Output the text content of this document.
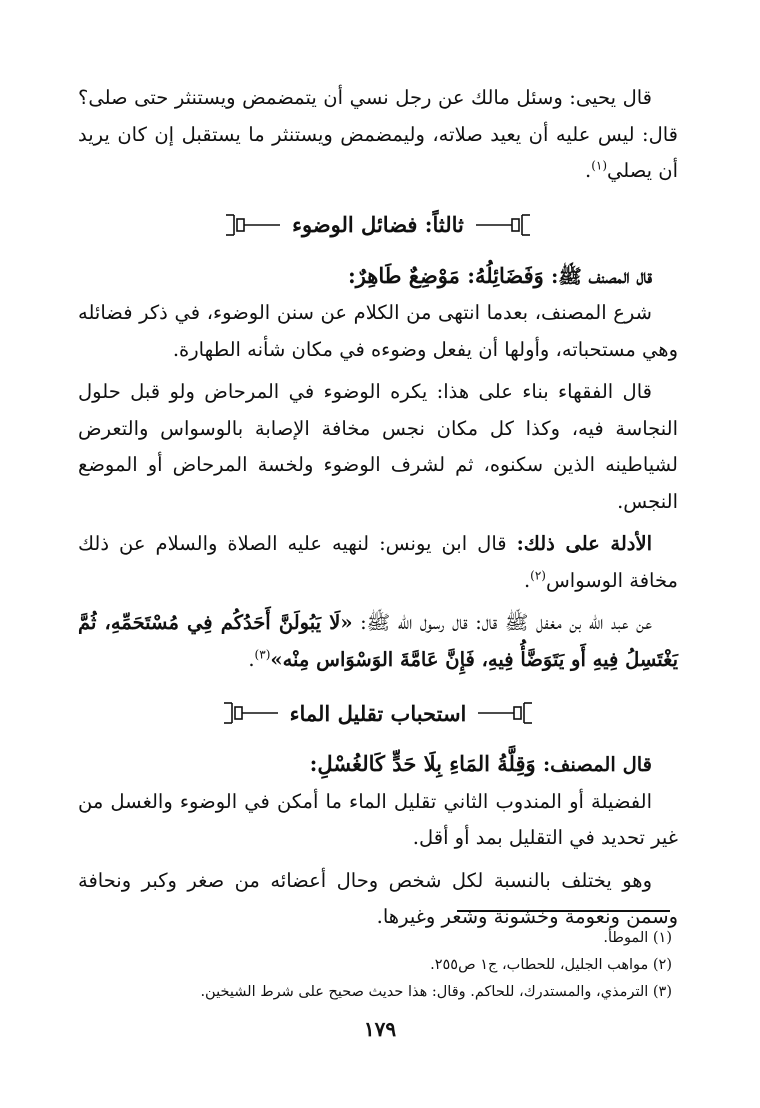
قال يحيى: وسئل مالك عن رجل نسي أن يتمضمض ويستنثر حتى صلى؟ قال: ليس عليه أن يعيد صلاته، وليمضمض ويستنثر ما يستقبل إن كان يريد أن يصلي$^{(١)}$.

ثالثاً: فضائل الوضوء

قال المصنف ﷺ: وَفَضَائِلُهُ: مَوْضِعٌ طَاهِرٌ:

شرع المصنف، بعدما انتهى من الكلام عن سنن الوضوء، في ذكر فضائله وهي مستحباته، وأولها أن يفعل وضوءه في مكان شأنه الطهارة.

قال الفقهاء بناء على هذا: يكره الوضوء في المرحاض ولو قبل حلول النجاسة فيه، وكذا كل مكان نجس مخافة الإصابة بالوسواس والتعرض لشياطينه الذين سكنوه، ثم لشرف الوضوء ولخسة المرحاض أو الموضع النجس.

الأدلة على ذلك: قال ابن يونس: لنهيه عليه الصلاة والسلام عن ذلك مخافة الوسواس$^{(٢)}$.

عن عبد الله بن مغفل ﷺ قال: قال رسول الله ﷺ: «لَا يَبُولَنَّ أَحَدُكُم فِي مُسْتَحَمِّهِ، ثُمَّ يَغْتَسِلُ فِيهِ أَو يَتَوَضَّأُ فِيهِ، فَإِنَّ عَامَّةَ الوَسْوَاس مِنْه»$^{(٣)}$.

استحباب تقليل الماء

قال المصنف: وَقِلَّةُ المَاءِ بِلَا حَدٍّ كَالغُسْلِ:

الفضيلة أو المندوب الثاني تقليل الماء ما أمكن في الوضوء والغسل من غير تحديد في التقليل بمد أو أقل.

وهو يختلف بالنسبة لكل شخص وحال أعضائه من صغر وكبر ونحافة وسمن ونعومة وخشونة وشعر وغيرها.

(١) الموطأ.

(٢) مواهب الجليل، للحطاب، ج١ ص٢٥٥.

(٣) الترمذي، والمستدرك، للحاكم. وقال: هذا حديث صحيح على شرط الشيخين.

١٧٩
